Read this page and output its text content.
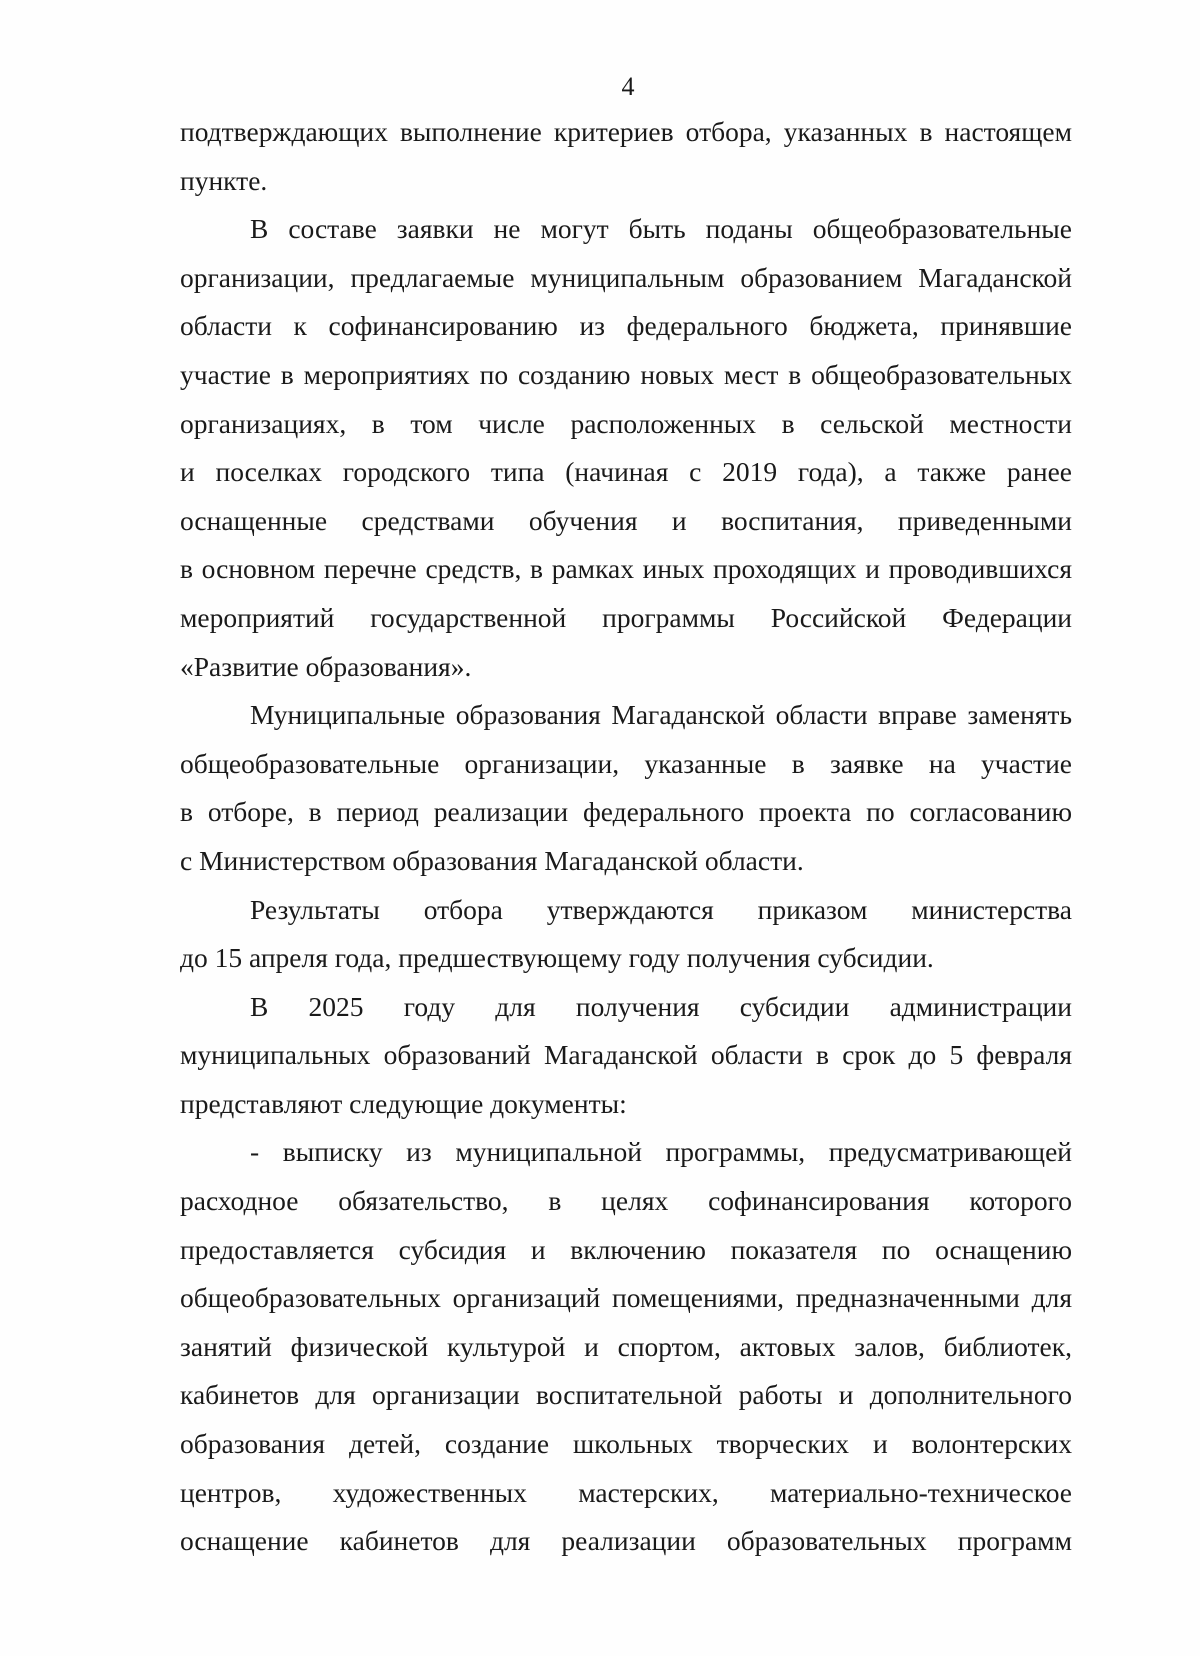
4
подтверждающих выполнение критериев отбора, указанных в настоящем
пункте.
В составе заявки не могут быть поданы общеобразовательные
организации, предлагаемые муниципальным образованием Магаданской
области к софинансированию из федерального бюджета, принявшие
участие в мероприятиях по созданию новых мест в общеобразовательных
организациях, в том числе расположенных в сельской местности
и поселках городского типа (начиная с 2019 года), а также ранее
оснащенные средствами обучения и воспитания, приведенными
в основном перечне средств, в рамках иных проходящих и проводившихся
мероприятий государственной программы Российской Федерации
«Развитие образования».
Муниципальные образования Магаданской области вправе заменять
общеобразовательные организации, указанные в заявке на участие
в отборе, в период реализации федерального проекта по согласованию
с Министерством образования Магаданской области.
Результаты отбора утверждаются приказом министерства
до 15 апреля года, предшествующему году получения субсидии.
В 2025 году для получения субсидии администрации
муниципальных образований Магаданской области в срок до 5 февраля
представляют следующие документы:
- выписку из муниципальной программы, предусматривающей
расходное обязательство, в целях софинансирования которого
предоставляется субсидия и включению показателя по оснащению
общеобразовательных организаций помещениями, предназначенными для
занятий физической культурой и спортом, актовых залов, библиотек,
кабинетов для организации воспитательной работы и дополнительного
образования детей, создание школьных творческих и волонтерских
центров, художественных мастерских, материально-техническое
оснащение кабинетов для реализации образовательных программ
